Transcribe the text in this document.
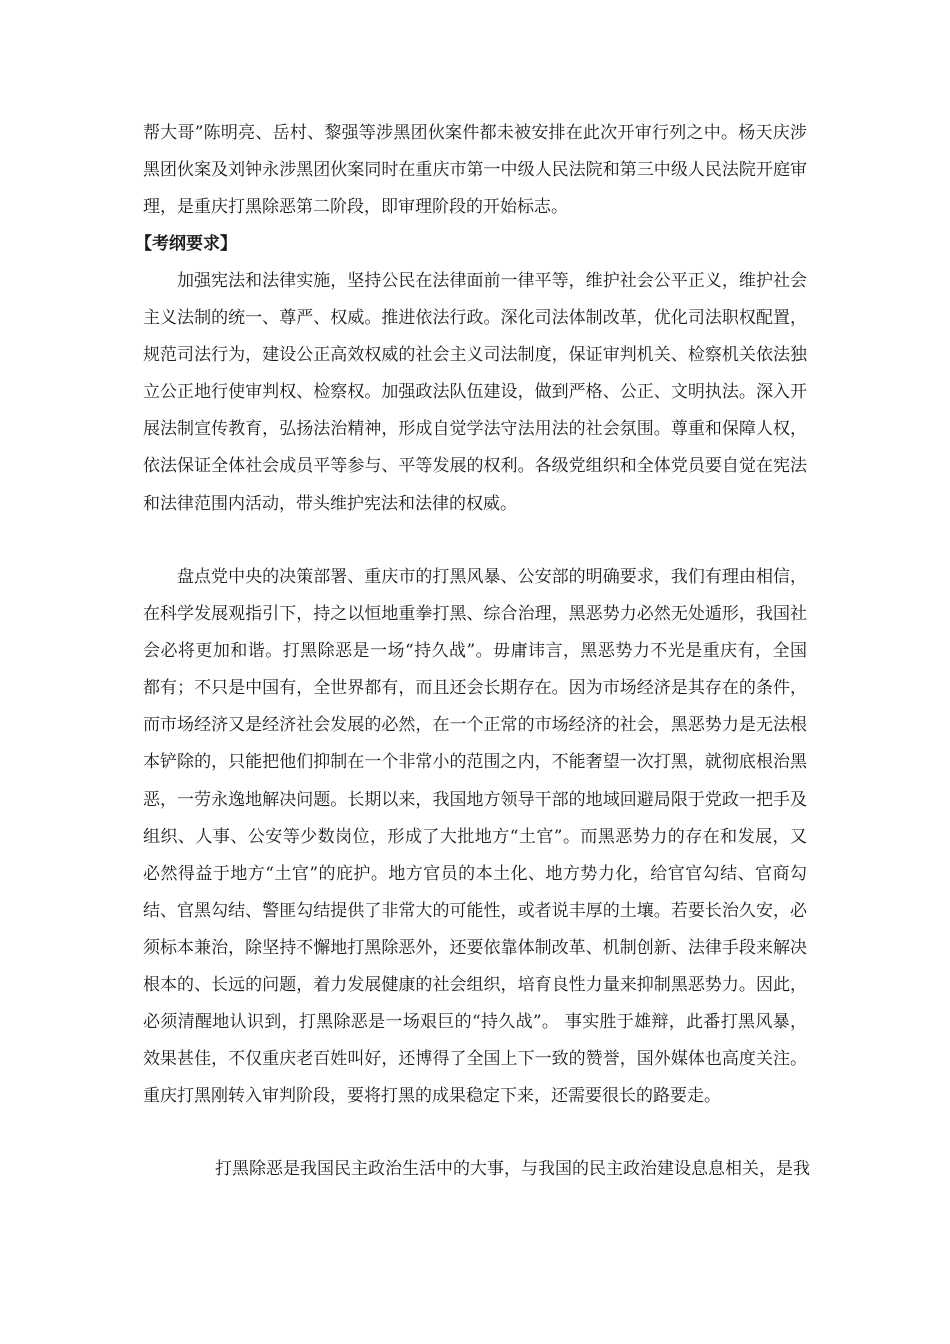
帮大哥”陈明亮、岳村、黎强等涉黑团伙案件都未被安排在此次开审行列之中。杨天庆涉
黑团伙案及刘钟永涉黑团伙案同时在重庆市第一中级人民法院和第三中级人民法院开庭审
理，是重庆打黑除恶第二阶段，即审理阶段的开始标志。
【考纲要求】
加强宪法和法律实施，坚持公民在法律面前一律平等，维护社会公平正义，维护社会
主义法制的统一、尊严、权威。推进依法行政。深化司法体制改革，优化司法职权配置，
规范司法行为，建设公正高效权威的社会主义司法制度，保证审判机关、检察机关依法独
立公正地行使审判权、检察权。加强政法队伍建设，做到严格、公正、文明执法。深入开
展法制宣传教育，弘扬法治精神，形成自觉学法守法用法的社会氛围。尊重和保障人权，
依法保证全体社会成员平等参与、平等发展的权利。各级党组织和全体党员要自觉在宪法
和法律范围内活动，带头维护宪法和法律的权威。
盘点党中央的决策部署、重庆市的打黑风暴、公安部的明确要求，我们有理由相信，
在科学发展观指引下，持之以恒地重拳打黑、综合治理，黑恶势力必然无处遁形，我国社
会必将更加和谐。打黑除恶是一场“持久战”。毋庸讳言，黑恶势力不光是重庆有，全国
都有；不只是中国有，全世界都有，而且还会长期存在。因为市场经济是其存在的条件，
而市场经济又是经济社会发展的必然，在一个正常的市场经济的社会，黑恶势力是无法根
本铲除的，只能把他们抑制在一个非常小的范围之内，不能奢望一次打黑，就彻底根治黑
恶，一劳永逸地解决问题。长期以来，我国地方领导干部的地域回避局限于党政一把手及
组织、人事、公安等少数岗位，形成了大批地方“土官”。而黑恶势力的存在和发展，又
必然得益于地方“土官”的庇护。地方官员的本土化、地方势力化，给官官勾结、官商勾
结、官黑勾结、警匪勾结提供了非常大的可能性，或者说丰厚的土壤。若要长治久安，必
须标本兼治，除坚持不懈地打黑除恶外，还要依靠体制改革、机制创新、法律手段来解决
根本的、长远的问题，着力发展健康的社会组织，培育良性力量来抑制黑恶势力。因此，
必须清醒地认识到，打黑除恶是一场艰巨的“持久战”。 事实胜于雄辩，此番打黑风暴，
效果甚佳，不仅重庆老百姓叫好，还博得了全国上下一致的赞誉，国外媒体也高度关注。
重庆打黑刚转入审判阶段，要将打黑的成果稳定下来，还需要很长的路要走。
打黑除恶是我国民主政治生活中的大事，与我国的民主政治建设息息相关，是我
